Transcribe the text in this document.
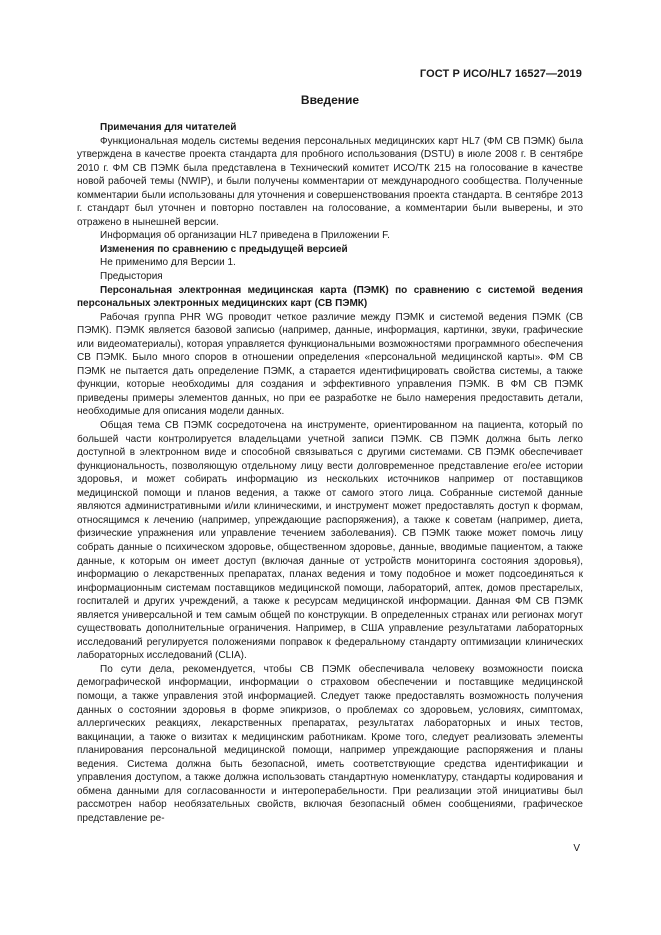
ГОСТ Р ИСО/HL7 16527—2019
Введение

Примечания для читателей

Функциональная модель системы ведения персональных медицинских карт HL7 (ФМ СВ ПЭМК) была утверждена в качестве проекта стандарта для пробного использования (DSTU) в июле 2008 г. В сентябре 2010 г. ФМ СВ ПЭМК была представлена в Технический комитет ИСО/ТК 215 на голосование в качестве новой рабочей темы (NWIP), и были получены комментарии от международного сообщества. Полученные комментарии были использованы для уточнения и совершенствования проекта стандарта. В сентябре 2013 г. стандарт был уточнен и повторно поставлен на голосование, а комментарии были выверены, и это отражено в нынешней версии.

Информация об организации HL7 приведена в Приложении F.

Изменения по сравнению с предыдущей версией

Не применимо для Версии 1.

Предыстория

Персональная электронная медицинская карта (ПЭМК) по сравнению с системой ведения персональных электронных медицинских карт (СВ ПЭМК)

Рабочая группа PHR WG проводит четкое различие между ПЭМК и системой ведения ПЭМК (СВ ПЭМК). ПЭМК является базовой записью (например, данные, информация, картинки, звуки, графические или видеоматериалы), которая управляется функциональными возможностями программного обеспечения СВ ПЭМК. Было много споров в отношении определения «персональной медицинской карты». ФМ СВ ПЭМК не пытается дать определение ПЭМК, а старается идентифицировать свойства системы, а также функции, которые необходимы для создания и эффективного управления ПЭМК. В ФМ СВ ПЭМК приведены примеры элементов данных, но при ее разработке не было намерения предоставить детали, необходимые для описания модели данных.

Общая тема СВ ПЭМК сосредоточена на инструменте, ориентированном на пациента, который по большей части контролируется владельцами учетной записи ПЭМК. СВ ПЭМК должна быть легко доступной в электронном виде и способной связываться с другими системами. СВ ПЭМК обеспечивает функциональность, позволяющую отдельному лицу вести долговременное представление его/ее истории здоровья, и может собирать информацию из нескольких источников например от поставщиков медицинской помощи и планов ведения, а также от самого этого лица. Собранные системой данные являются административными и/или клиническими, и инструмент может предоставлять доступ к формам, относящимся к лечению (например, упреждающие распоряжения), а также к советам (например, диета, физические упражнения или управление течением заболевания). СВ ПЭМК также может помочь лицу собрать данные о психическом здоровье, общественном здоровье, данные, вводимые пациентом, а также данные, к которым он имеет доступ (включая данные от устройств мониторинга состояния здоровья), информацию о лекарственных препаратах, планах ведения и тому подобное и может подсоединяться к информационным системам поставщиков медицинской помощи, лабораторий, аптек, домов престарелых, госпиталей и других учреждений, а также к ресурсам медицинской информации. Данная ФМ СВ ПЭМК является универсальной и тем самым общей по конструкции. В определенных странах или регионах могут существовать дополнительные ограничения. Например, в США управление результатами лабораторных исследований регулируется положениями поправок к федеральному стандарту оптимизации клинических лабораторных исследований (CLIA).

По сути дела, рекомендуется, чтобы СВ ПЭМК обеспечивала человеку возможности поиска демографической информации, информации о страховом обеспечении и поставщике медицинской помощи, а также управления этой информацией. Следует также предоставлять возможность получения данных о состоянии здоровья в форме эпикризов, о проблемах со здоровьем, условиях, симптомах, аллергических реакциях, лекарственных препаратах, результатах лабораторных и иных тестов, вакцинации, а также о визитах к медицинским работникам. Кроме того, следует реализовать элементы планирования персональной медицинской помощи, например упреждающие распоряжения и планы ведения. Система должна быть безопасной, иметь соответствующие средства идентификации и управления доступом, а также должна использовать стандартную номенклатуру, стандарты кодирования и обмена данными для согласованности и интероперабельности. При реализации этой инициативы был рассмотрен набор необязательных свойств, включая безопасный обмен сообщениями, графическое представление ре-

V
